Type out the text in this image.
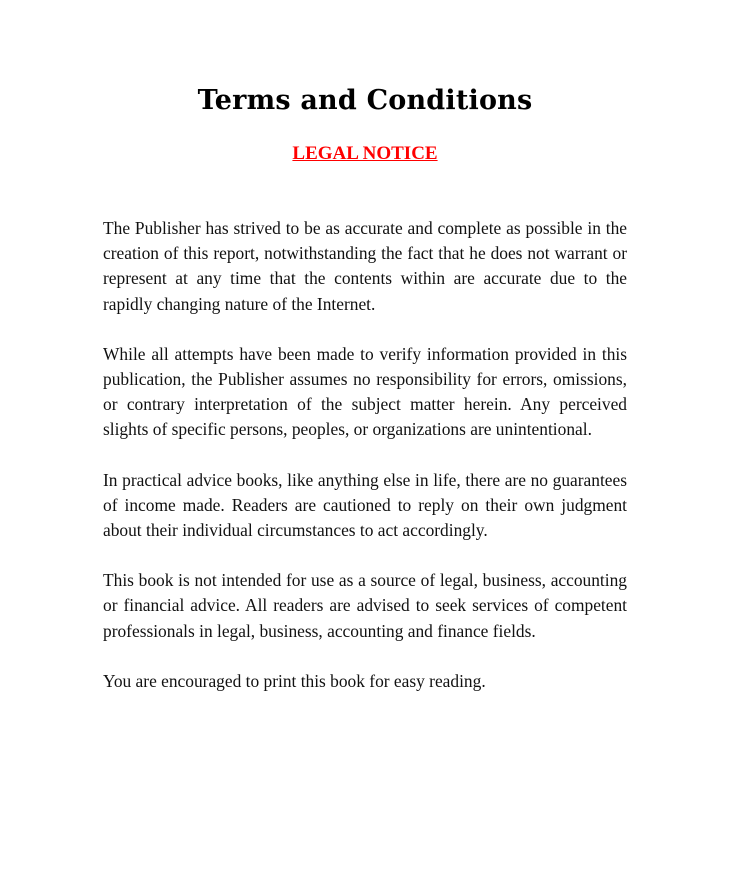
Terms and Conditions
LEGAL NOTICE

The Publisher has strived to be as accurate and complete as possible in the creation of this report, notwithstanding the fact that he does not warrant or represent at any time that the contents within are accurate due to the rapidly changing nature of the Internet.

While all attempts have been made to verify information provided in this publication, the Publisher assumes no responsibility for errors, omissions, or contrary interpretation of the subject matter herein. Any perceived slights of specific persons, peoples, or organizations are unintentional.

In practical advice books, like anything else in life, there are no guarantees of income made. Readers are cautioned to reply on their own judgment about their individual circumstances to act accordingly.

This book is not intended for use as a source of legal, business, accounting or financial advice. All readers are advised to seek services of competent professionals in legal, business, accounting and finance fields.

You are encouraged to print this book for easy reading.
